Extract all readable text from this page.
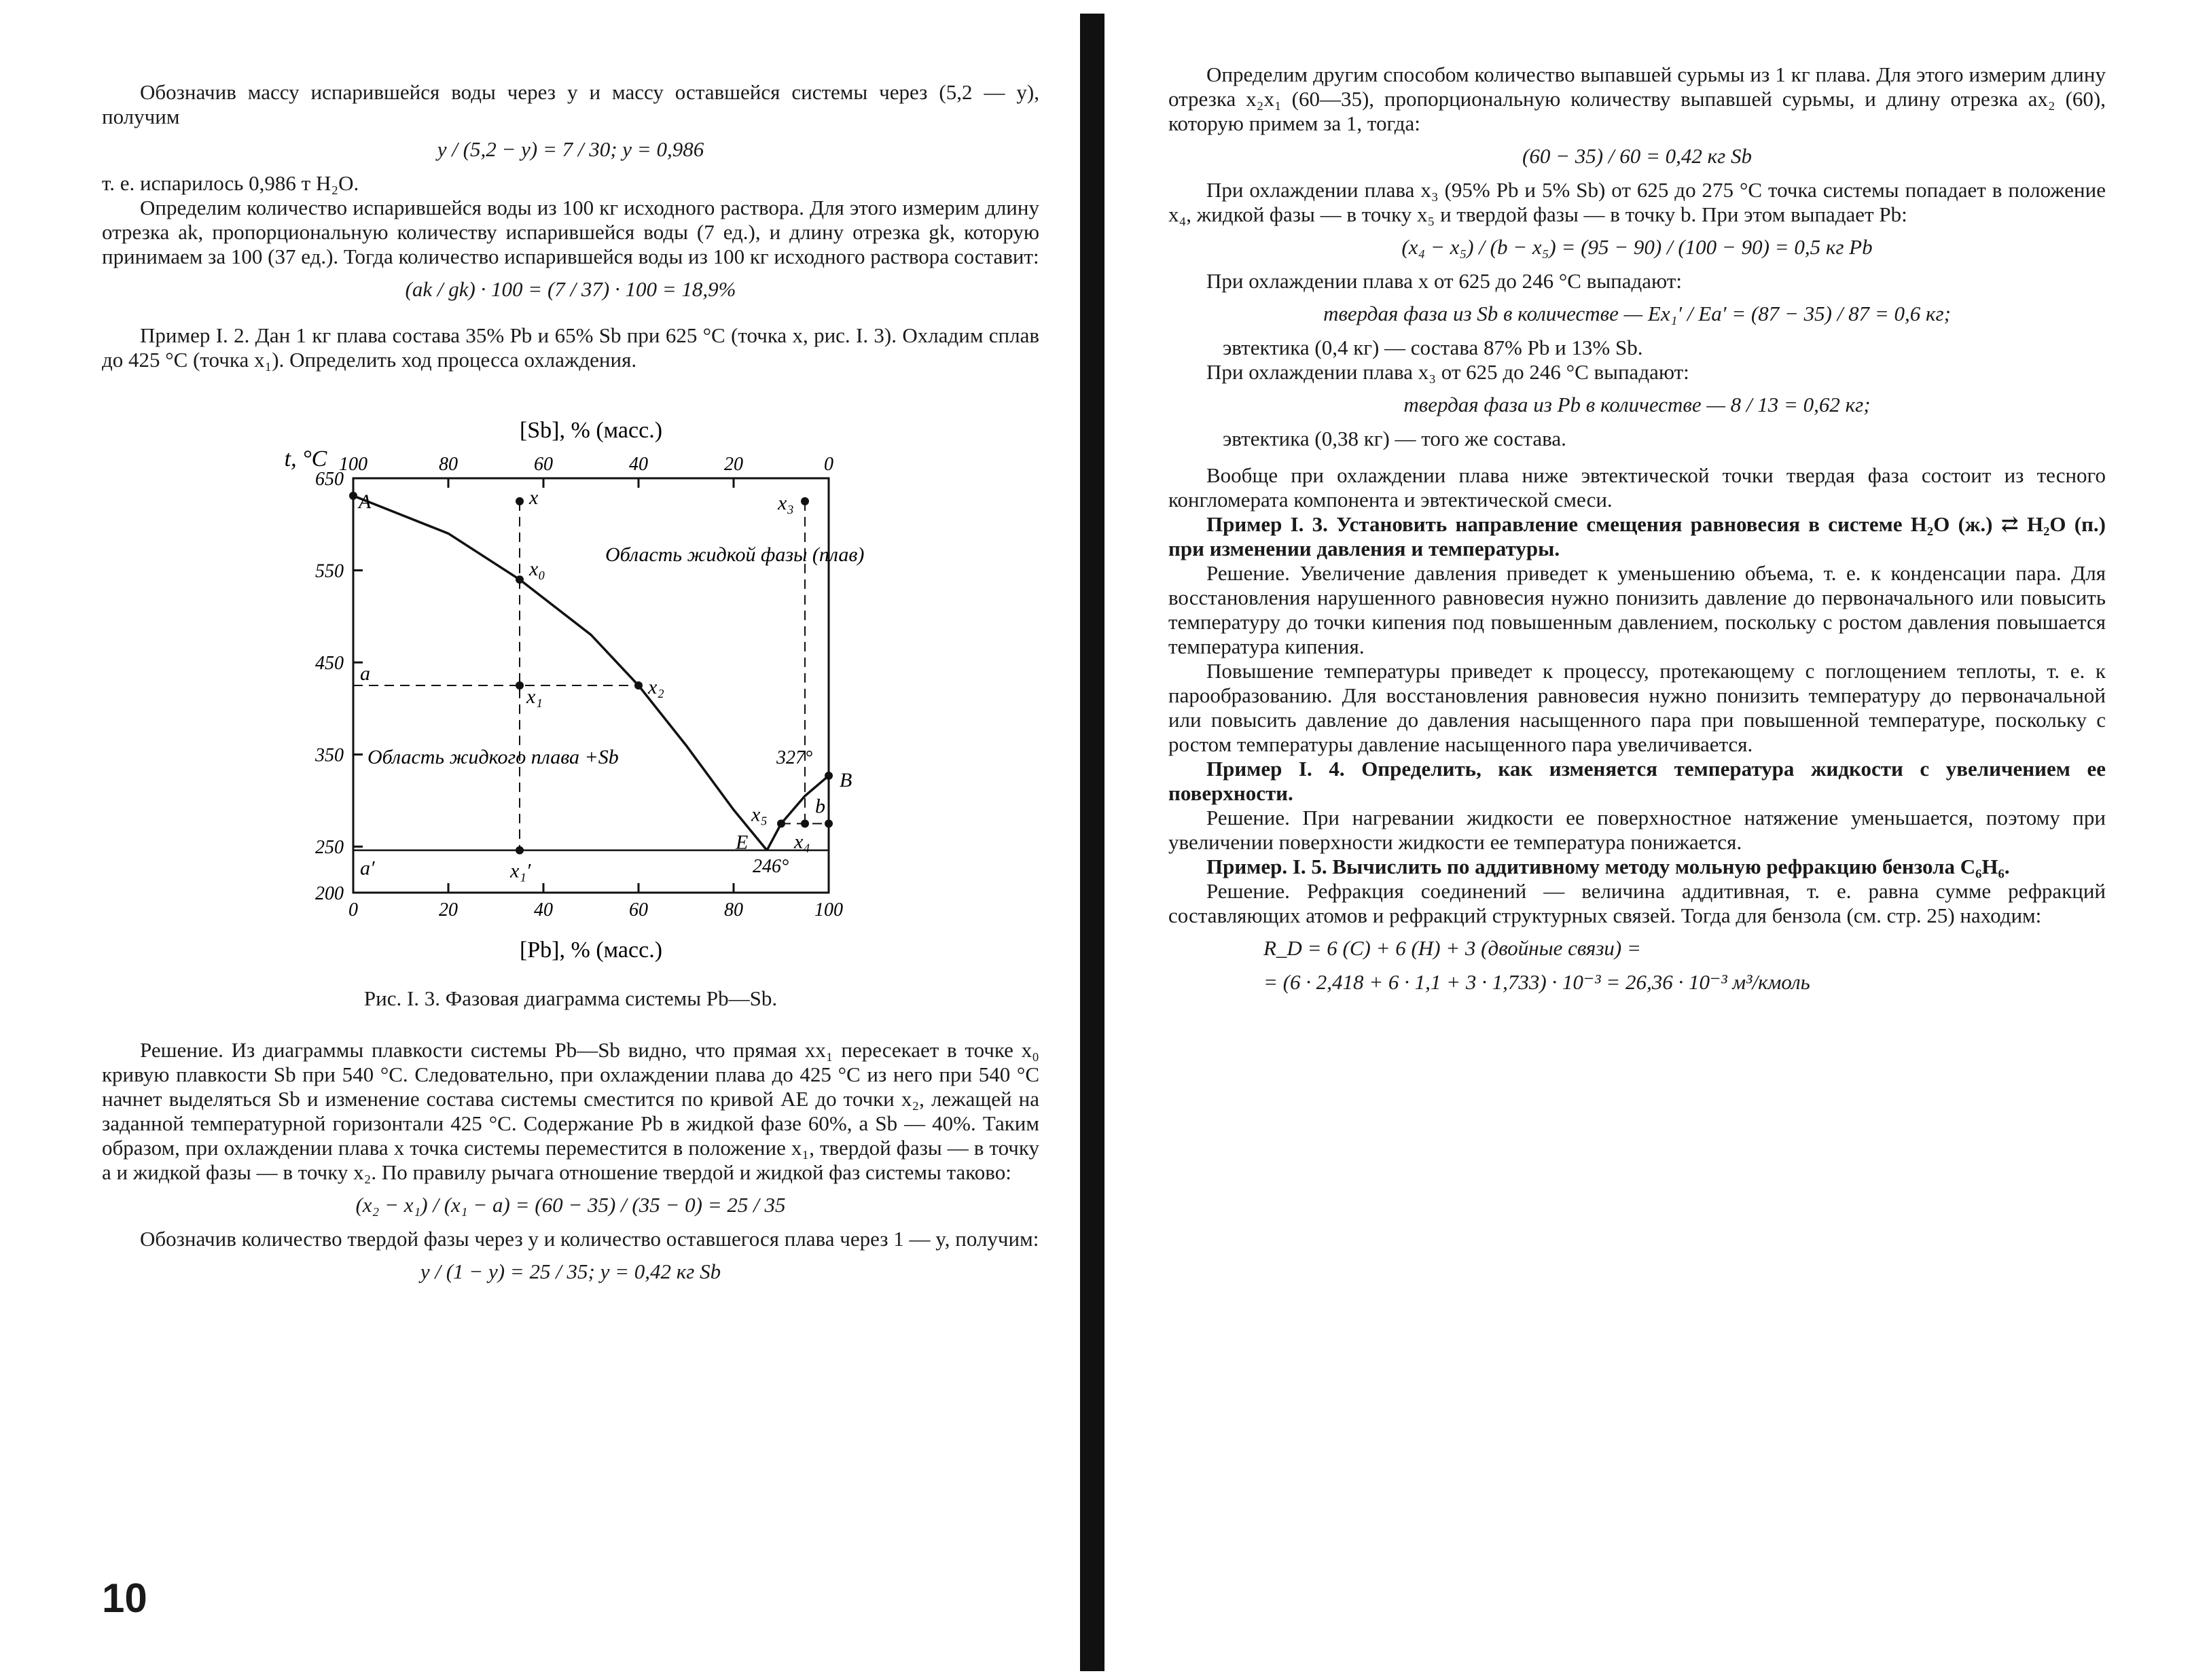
Обозначив массу испарившейся воды через y и массу оставшейся системы через (5,2 — y), получим

y / (5,2 − y) = 7 / 30; y = 0,986

т. е. испарилось 0,986 т H₂O.

Определим количество испарившейся воды из 100 кг исходного раствора. Для этого измерим длину отрезка ak, пропорциональную количеству испарившейся воды (7 ед.), и длину отрезка gk, которую принимаем за 100 (37 ед.). Тогда количество испарившейся воды из 100 кг исходного раствора составит:

(ak / gk) · 100 = (7 / 37) · 100 = 18,9%

Пример I. 2. Дан 1 кг плава состава 35% Pb и 65% Sb при 625 °C (точка x, рис. I. 3). Охладим сплав до 425 °C (точка x₁). Определить ход процесса охлаждения.

650
550
450
350
250
200
0
100
20
80
40
60
60
40
80
20
100
0
[Pb], % (масс.)
[Sb], % (масс.)
t, °C
A	x
x₀
x₁	x₂
a
x₃
x₄
x₅ b
B
E
a′	x₁′
Область жидкой фазы (плав)
Область жидкого плава +Sb	327°
246°

Рис. I. 3. Фазовая диаграмма системы Pb—Sb.

Решение. Из диаграммы плавкости системы Pb—Sb видно, что прямая xx₁ пересекает в точке x₀ кривую плавкости Sb при 540 °C. Следовательно, при охлаждении плава до 425 °C из него при 540 °C начнет выделяться Sb и изменение состава системы сместится по кривой AE до точки x₂, лежащей на заданной температурной горизонтали 425 °C. Содержание Pb в жидкой фазе 60%, а Sb — 40%. Таким образом, при охлаждении плава x точка системы переместится в положение x₁, твердой фазы — в точку a и жидкой фазы — в точку x₂. По правилу рычага отношение твердой и жидкой фаз системы таково:

(x₂ − x₁) / (x₁ − a) = (60 − 35) / (35 − 0) = 25 / 35

Обозначив количество твердой фазы через y и количество оставшегося плава через 1 — y, получим:

y / (1 − y) = 25 / 35; y = 0,42 кг Sb

10

Определим другим способом количество выпавшей сурьмы из 1 кг плава. Для этого измерим длину отрезка x₂x₁ (60—35), пропорциональную количеству выпавшей сурьмы, и длину отрезка ax₂ (60), которую примем за 1, тогда:

(60 − 35) / 60 = 0,42 кг Sb

При охлаждении плава x₃ (95% Pb и 5% Sb) от 625 до 275 °C точка системы попадает в положение x₄, жидкой фазы — в точку x₅ и твердой фазы — в точку b. При этом выпадает Pb:

(x₄ − x₅) / (b − x₅) = (95 − 90) / (100 − 90) = 0,5 кг Pb

При охлаждении плава x от 625 до 246 °C выпадают:

твердая фаза из Sb в количестве — Ex₁′ / Ea′ = (87 − 35) / 87 = 0,6 кг;

эвтектика (0,4 кг) — состава 87% Pb и 13% Sb.

При охлаждении плава x₃ от 625 до 246 °C выпадают:

твердая фаза из Pb в количестве — 8 / 13 = 0,62 кг;

эвтектика (0,38 кг) — того же состава.

Вообще при охлаждении плава ниже эвтектической точки твердая фаза состоит из тесного конгломерата компонента и эвтектической смеси.

Пример I. 3. Установить направление смещения равновесия в системе H₂O (ж.) ⇄ H₂O (п.) при изменении давления и температуры.

Решение. Увеличение давления приведет к уменьшению объема, т. е. к конденсации пара. Для восстановления нарушенного равновесия нужно понизить давление до первоначального или повысить температуру до точки кипения под повышенным давлением, поскольку с ростом давления повышается температура кипения.

Повышение температуры приведет к процессу, протекающему с поглощением теплоты, т. е. к парообразованию. Для восстановления равновесия нужно понизить температуру до первоначальной или повысить давление до давления насыщенного пара при повышенной температуре, поскольку с ростом температуры давление насыщенного пара увеличивается.

Пример I. 4. Определить, как изменяется температура жидкости с увеличением ее поверхности.

Решение. При нагревании жидкости ее поверхностное натяжение уменьшается, поэтому при увеличении поверхности жидкости ее температура понижается.

Пример. I. 5. Вычислить по аддитивному методу мольную рефракцию бензола C₆H₆.

Решение. Рефракция соединений — величина аддитивная, т. е. равна сумме рефракций составляющих атомов и рефракций структурных связей. Тогда для бензола (см. стр. 25) находим:

R_D = 6 (C) + 6 (H) + 3 (двойные связи) =

= (6 · 2,418 + 6 · 1,1 + 3 · 1,733) · 10⁻³ = 26,36 · 10⁻³ м³/кмоль
